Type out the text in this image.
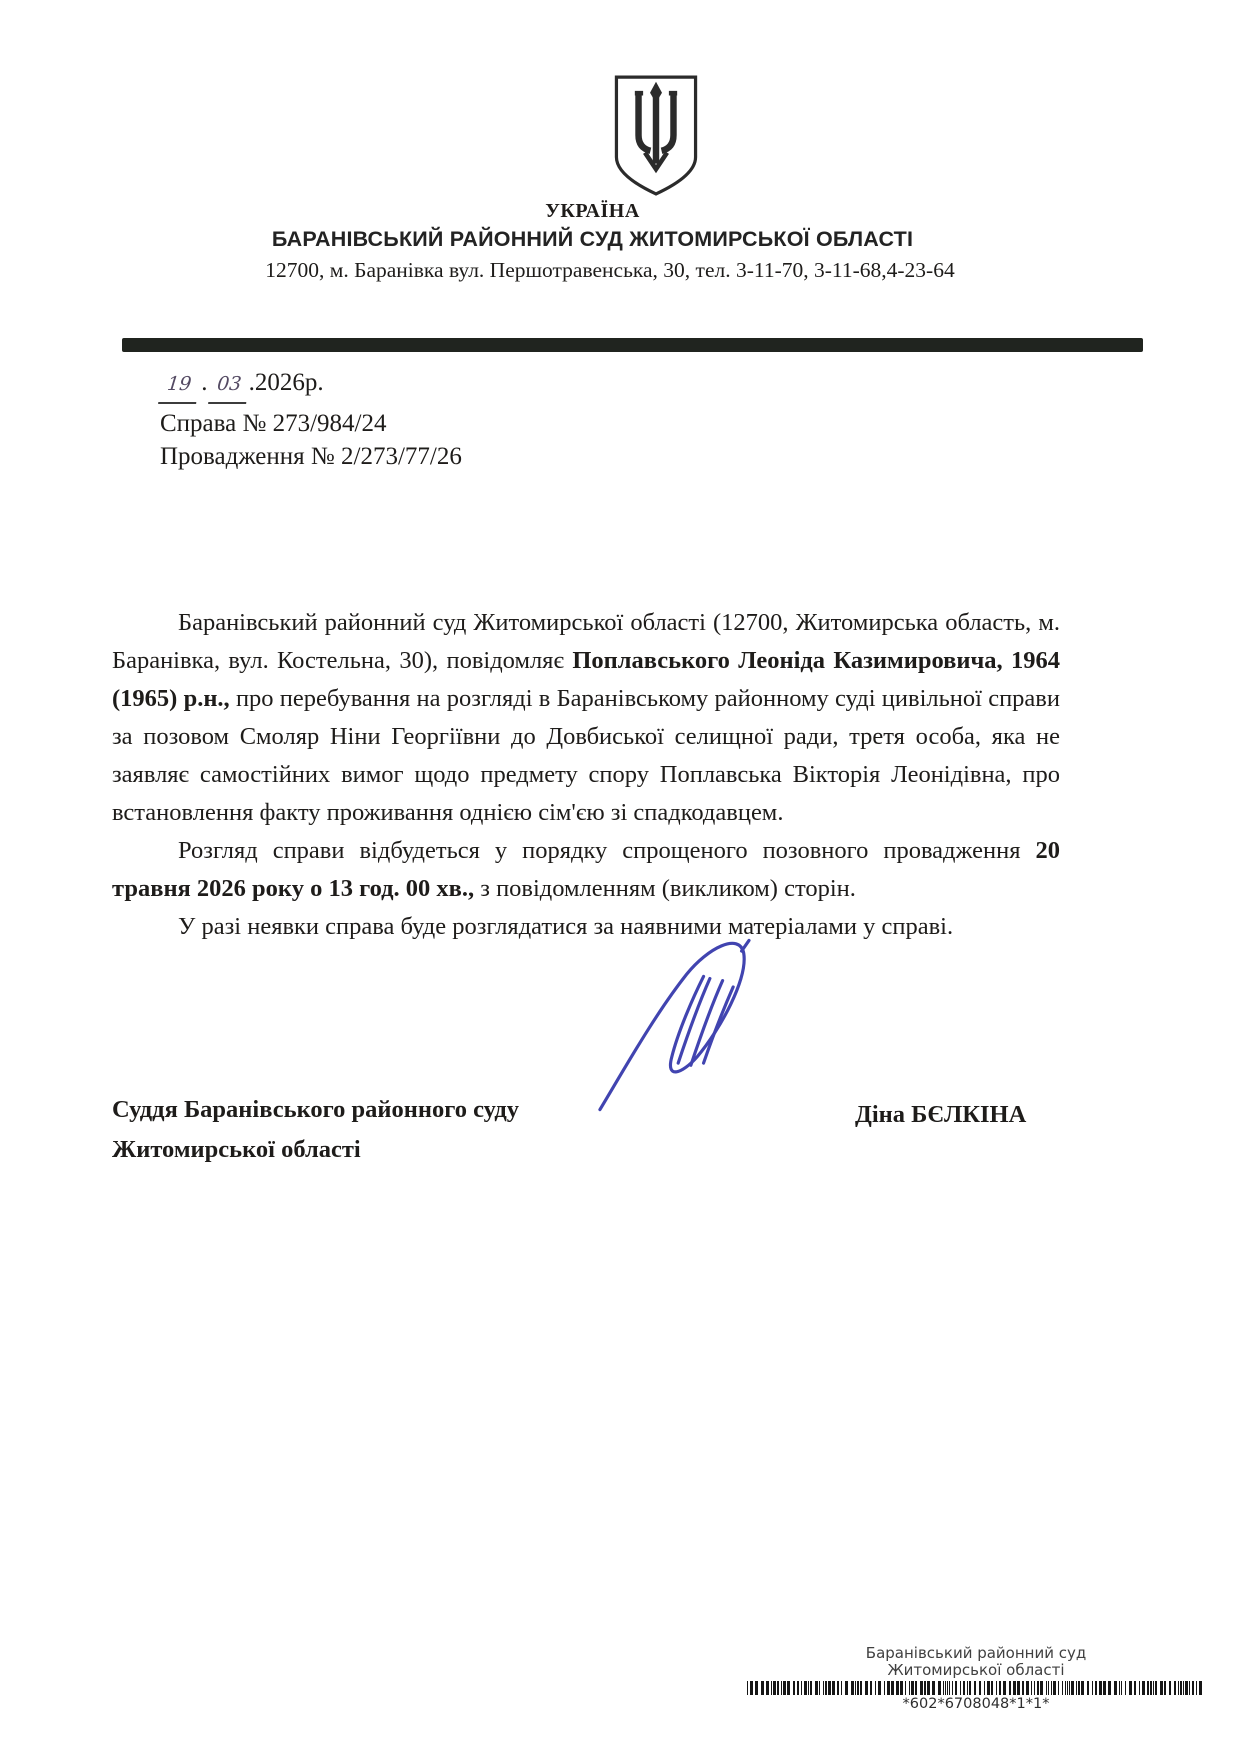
УКРАЇНА
БАРАНІВСЬКИЙ РАЙОННИЙ СУД ЖИТОМИРСЬКОЇ ОБЛАСТІ
12700, м. Баранівка вул. Першотравенська, 30, тел. 3-11-70, 3-11-68,4-23-64
19 . 03 .2026р.
Справа № 273/984/24
Провадження № 2/273/77/26

Баранівський районний суд Житомирської області (12700, Житомирська область, м. Баранівка, вул. Костельна, 30), повідомляє Поплавського Леоніда Казимировича, 1964 (1965) р.н., про перебування на розгляді в Баранівському районному суді цивільної справи за позовом Смоляр Ніни Георгіївни до Довбиської селищної ради, третя особа, яка не заявляє самостійних вимог щодо предмету спору Поплавська Вікторія Леонідівна, про встановлення факту проживання однією сім'єю зі спадкодавцем.

Розгляд справи відбудеться у порядку спрощеного позовного провадження 20 травня 2026 року о 13 год. 00 хв., з повідомленням (викликом) сторін.

У разі неявки справа буде розглядатися за наявними матеріалами у справі.

Суддя Баранівського районного суду
Житомирської області
Діна БЄЛКІНА
Баранівський районний суд
Житомирської області
*602*6708048*1*1*
